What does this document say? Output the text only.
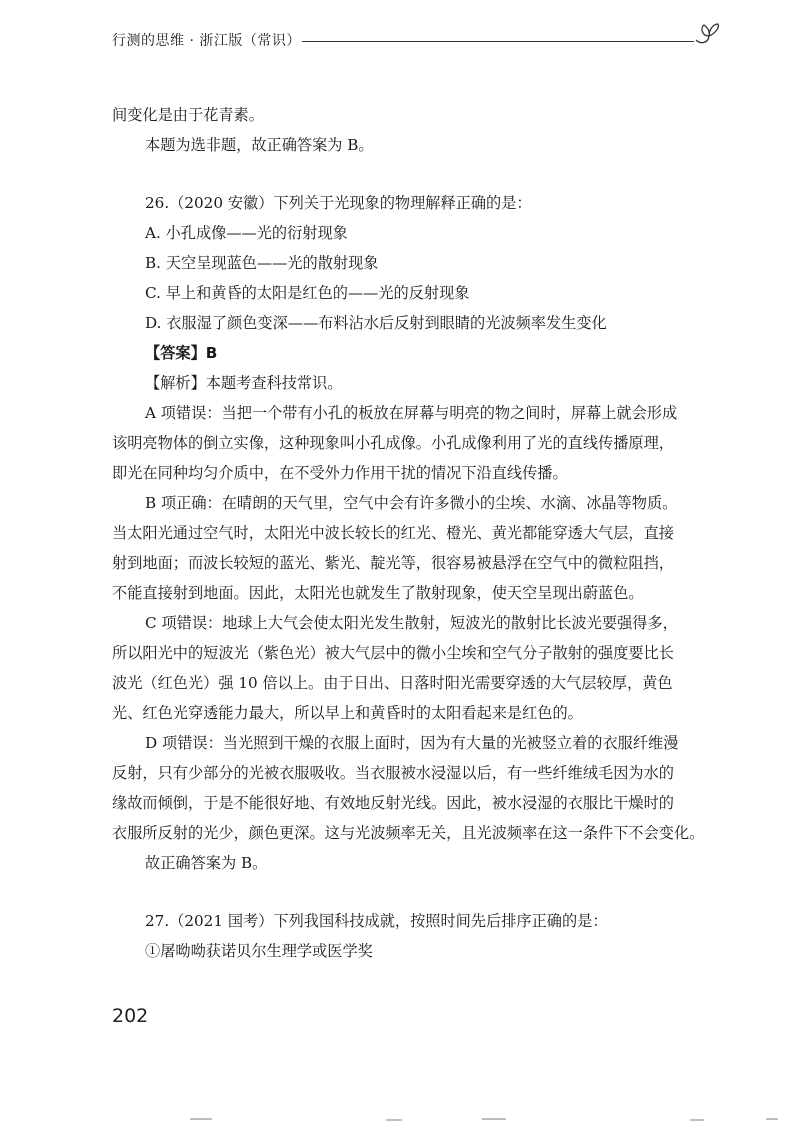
行测的思维 · 浙江版（常识）
间变化是由于花青素。
本题为选非题，故正确答案为 B。
26.（2020 安徽）下列关于光现象的物理解释正确的是：
A. 小孔成像——光的衍射现象
B. 天空呈现蓝色——光的散射现象
C. 早上和黄昏的太阳是红色的——光的反射现象
D. 衣服湿了颜色变深——布料沾水后反射到眼睛的光波频率发生变化
【答案】B
【解析】本题考查科技常识。
A 项错误：当把一个带有小孔的板放在屏幕与明亮的物之间时，屏幕上就会形成
该明亮物体的倒立实像，这种现象叫小孔成像。小孔成像利用了光的直线传播原理，
即光在同种均匀介质中，在不受外力作用干扰的情况下沿直线传播。
B 项正确：在晴朗的天气里，空气中会有许多微小的尘埃、水滴、冰晶等物质。
当太阳光通过空气时，太阳光中波长较长的红光、橙光、黄光都能穿透大气层，直接
射到地面；而波长较短的蓝光、紫光、靛光等，很容易被悬浮在空气中的微粒阻挡，
不能直接射到地面。因此，太阳光也就发生了散射现象，使天空呈现出蔚蓝色。
C 项错误：地球上大气会使太阳光发生散射，短波光的散射比长波光要强得多，
所以阳光中的短波光（紫色光）被大气层中的微小尘埃和空气分子散射的强度要比长
波光（红色光）强 10 倍以上。由于日出、日落时阳光需要穿透的大气层较厚，黄色
光、红色光穿透能力最大，所以早上和黄昏时的太阳看起来是红色的。
D 项错误：当光照到干燥的衣服上面时，因为有大量的光被竖立着的衣服纤维漫
反射，只有少部分的光被衣服吸收。当衣服被水浸湿以后，有一些纤维绒毛因为水的
缘故而倾倒，于是不能很好地、有效地反射光线。因此，被水浸湿的衣服比干燥时的
衣服所反射的光少，颜色更深。这与光波频率无关，且光波频率在这一条件下不会变化。
故正确答案为 B。
27.（2021 国考）下列我国科技成就，按照时间先后排序正确的是：
①屠呦呦获诺贝尔生理学或医学奖
202
